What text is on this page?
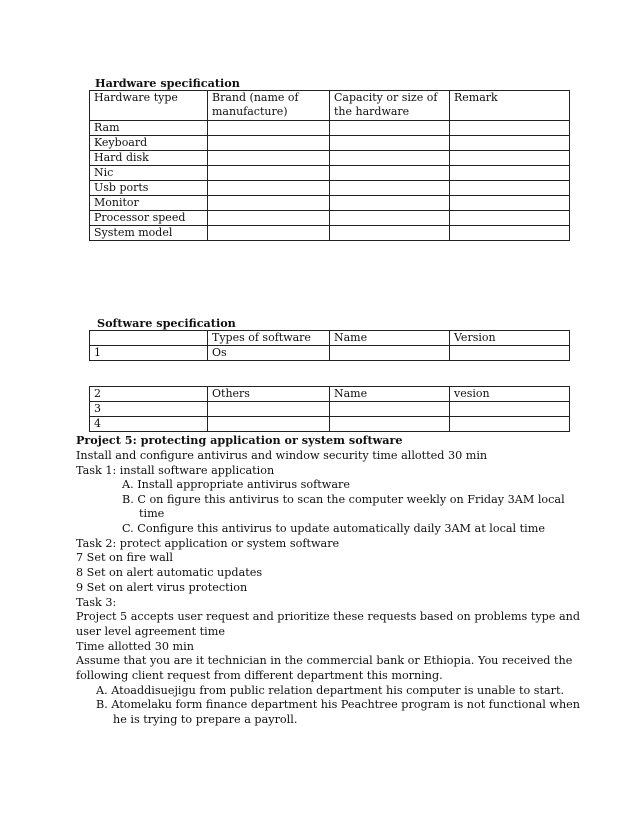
Hardware specification
Hardware type	Brand (name of manufacture)	Capacity or size of the hardware	Remark
Ram			
Keyboard			
Hard disk			
Nic			
Usb ports			
Monitor			
Processor speed			
System model			
Software specification
	Types of software	Name	Version
1	Os		
2	Others	Name	vesion
3			
4			
Project 5: protecting application or system software
Install and configure antivirus and window security time allotted 30 min
Task 1: install software application
A. Install appropriate antivirus software
B. C on figure this antivirus to scan the computer weekly on Friday 3AM local
time
C. Configure this antivirus to update automatically daily 3AM at local time
Task 2: protect application or system software
7 Set on fire wall
8 Set on alert automatic updates
9 Set on alert virus protection
Task 3:
Project 5 accepts user request and prioritize these requests based on problems type and
user level agreement time
Time allotted 30 min
Assume that you are it technician in the commercial bank or Ethiopia. You received the
following client request from different department this morning.
A. Atoaddisuejigu from public relation department his computer is unable to start.
B. Atomelaku form finance department his Peachtree program is not functional when
he is trying to prepare a payroll.
